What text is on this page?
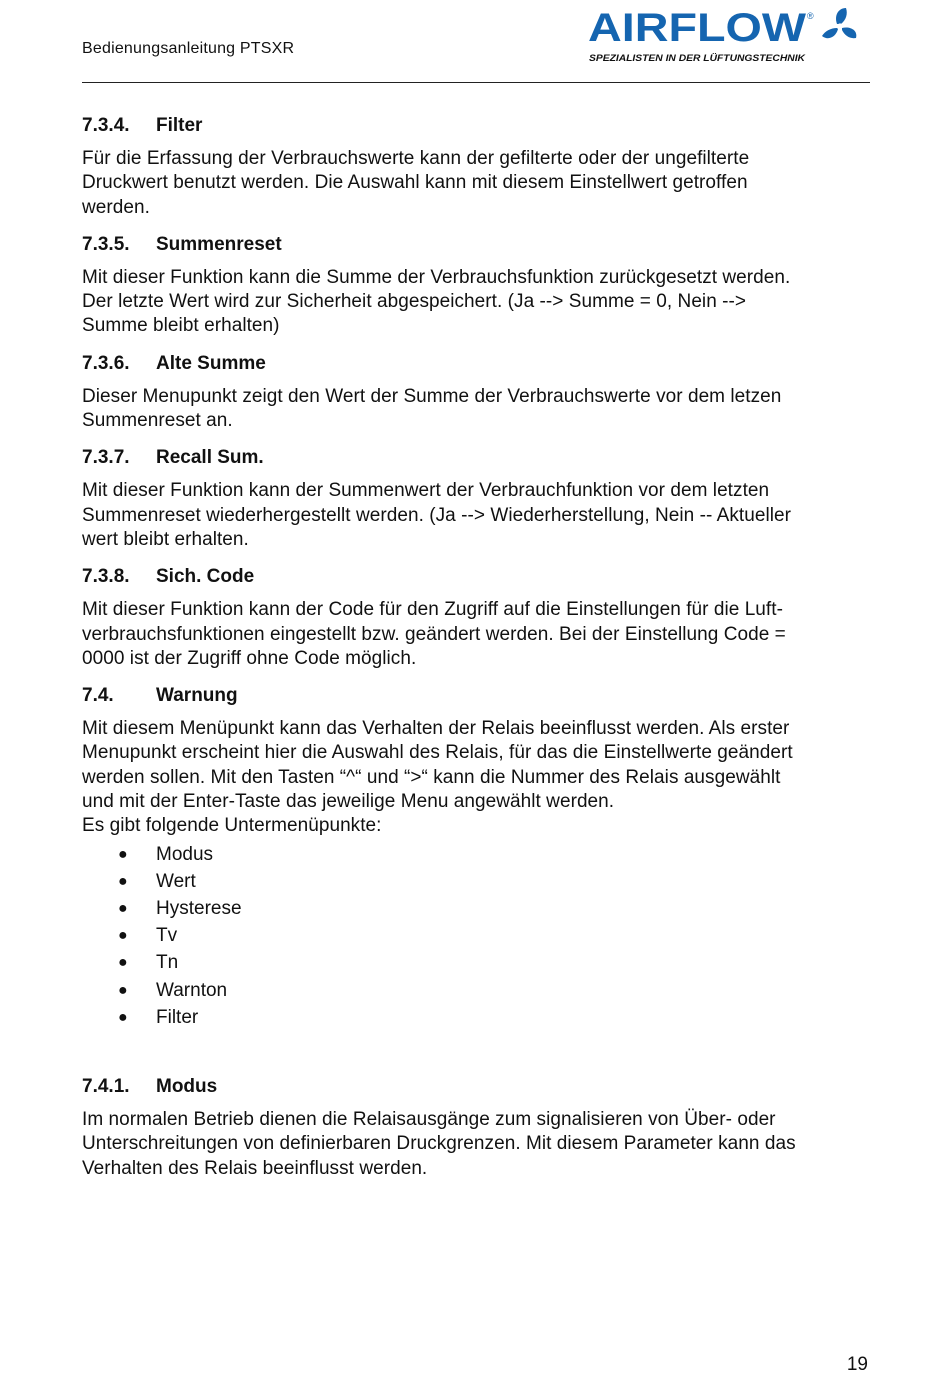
Bedienungsanleitung PTSXR	AIRFLOW ®
SPEZIALISTEN IN DER LÜFTUNGSTECHNIK
7.3.4.	Filter

Für die Erfassung der Verbrauchswerte kann der gefilterte oder der ungefilterte
Druckwert benutzt werden. Die Auswahl kann mit diesem Einstellwert getroffen
werden.

7.3.5.	Summenreset

Mit dieser Funktion kann die Summe der Verbrauchsfunktion zurückgesetzt werden.
Der letzte Wert wird zur Sicherheit abgespeichert. (Ja --> Summe = 0, Nein -->
Summe bleibt erhalten)

7.3.6.	Alte Summe

Dieser Menupunkt zeigt den Wert der Summe der Verbrauchswerte vor dem letzen
Summenreset an.

7.3.7.	Recall Sum.

Mit dieser Funktion kann der Summenwert der Verbrauchfunktion vor dem letzten
Summenreset wiederhergestellt werden. (Ja --> Wiederherstellung, Nein -- Aktueller
wert bleibt erhalten.

7.3.8.	Sich. Code

Mit dieser Funktion kann der Code für den Zugriff auf die Einstellungen für die Luft-
verbrauchsfunktionen eingestellt bzw. geändert werden. Bei der Einstellung Code =
0000 ist der Zugriff ohne Code möglich.

7.4.	Warnung

Mit diesem Menüpunkt kann das Verhalten der Relais beeinflusst werden. Als erster
Menupunkt erscheint hier die Auswahl des Relais, für das die Einstellwerte geändert
werden sollen. Mit den Tasten “^“ und “>“ kann die Nummer des Relais ausgewählt
und mit der Enter-Taste das jeweilige Menu angewählt werden.
Es gibt folgende Untermenüpunkte:

●	Modus
●	Wert
●	Hysterese
●	Tv
●	Tn
●	Warnton
●	Filter
7.4.1.	Modus

Im normalen Betrieb dienen die Relaisausgänge zum signalisieren von Über- oder
Unterschreitungen von definierbaren Druckgrenzen. Mit diesem Parameter kann das
Verhalten des Relais beeinflusst werden.

19
